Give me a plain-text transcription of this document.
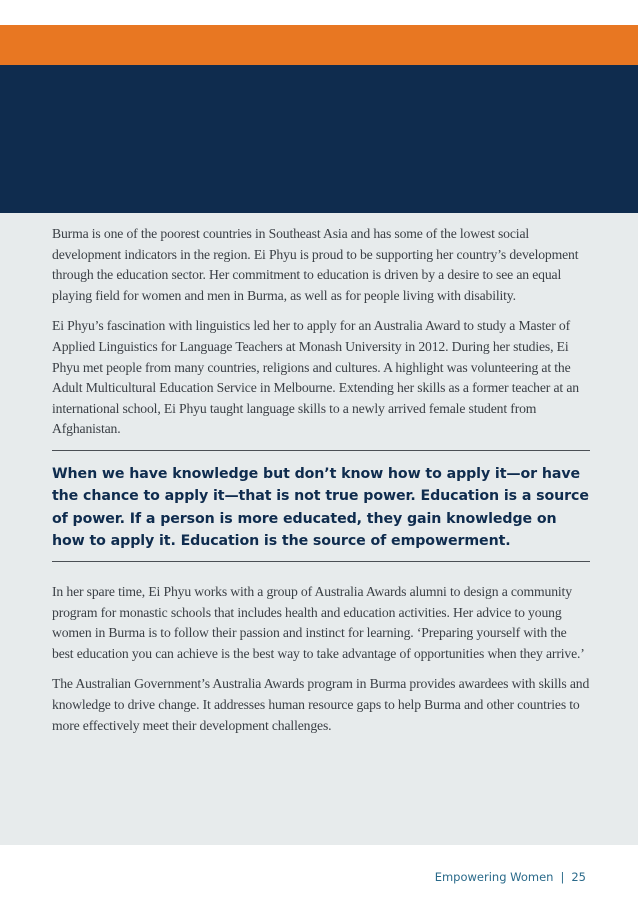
Burma is one of the poorest countries in Southeast Asia and has some of the lowest social development indicators in the region. Ei Phyu is proud to be supporting her country’s development through the education sector. Her commitment to education is driven by a desire to see an equal playing field for women and men in Burma, as well as for people living with disability.

Ei Phyu’s fascination with linguistics led her to apply for an Australia Award to study a Master of Applied Linguistics for Language Teachers at Monash University in 2012. During her studies, Ei Phyu met people from many countries, religions and cultures. A highlight was volunteering at the Adult Multicultural Education Service in Melbourne. Extending her skills as a former teacher at an international school, Ei Phyu taught language skills to a newly arrived female student from Afghanistan.

When we have knowledge but don’t know how to apply it—or have the chance to apply it—that is not true power. Education is a source of power. If a person is more educated, they gain knowledge on how to apply it. Education is the source of empowerment.

In her spare time, Ei Phyu works with a group of Australia Awards alumni to design a community program for monastic schools that includes health and education activities. Her advice to young women in Burma is to follow their passion and instinct for learning. ‘Preparing yourself with the best education you can achieve is the best way to take advantage of opportunities when they arrive.’

The Australian Government’s Australia Awards program in Burma provides awardees with skills and knowledge to drive change. It addresses human resource gaps to help Burma and other countries to more effectively meet their development challenges.

Empowering Women | 25
